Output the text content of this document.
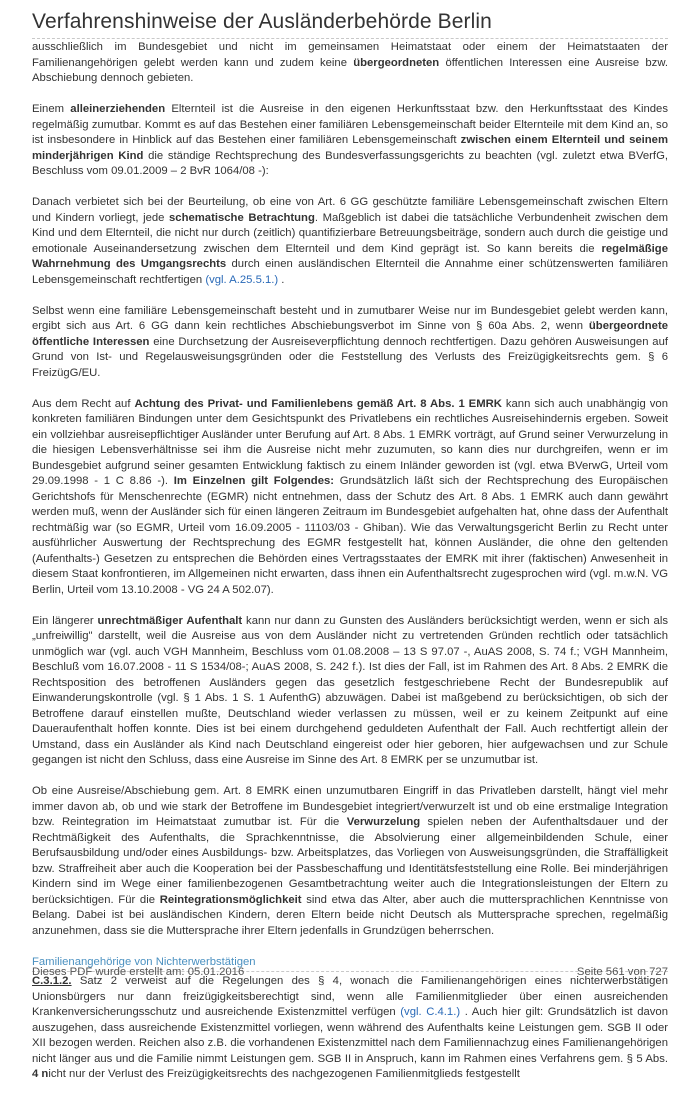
Verfahrenshinweise der Ausländerbehörde Berlin

ausschließlich im Bundesgebiet und nicht im gemeinsamen Heimatstaat oder einem der Heimatstaaten der Familienangehörigen gelebt werden kann und zudem keine übergeordneten öffentlichen Interessen eine Ausreise bzw. Abschiebung dennoch gebieten.

Einem alleinerziehenden Elternteil ist die Ausreise in den eigenen Herkunftsstaat bzw. den Herkunftsstaat des Kindes regelmäßig zumutbar. Kommt es auf das Bestehen einer familiären Lebensgemeinschaft beider Elternteile mit dem Kind an, so ist insbesondere in Hinblick auf das Bestehen einer familiären Lebensgemeinschaft zwischen einem Elternteil und seinem minderjährigen Kind die ständige Rechtsprechung des Bundesverfassungsgerichts zu beachten (vgl. zuletzt etwa BVerfG, Beschluss vom 09.01.2009 – 2 BvR 1064/08 -):

Danach verbietet sich bei der Beurteilung, ob eine von Art. 6 GG geschützte familiäre Lebensgemeinschaft zwischen Eltern und Kindern vorliegt, jede schematische Betrachtung. Maßgeblich ist dabei die tatsächliche Verbundenheit zwischen dem Kind und dem Elternteil, die nicht nur durch (zeitlich) quantifizierbare Betreuungsbeiträge, sondern auch durch die geistige und emotionale Auseinandersetzung zwischen dem Elternteil und dem Kind geprägt ist. So kann bereits die regelmäßige Wahrnehmung des Umgangsrechts durch einen ausländischen Elternteil die Annahme einer schützenswerten familiären Lebensgemeinschaft rechtfertigen (vgl. A.25.5.1.) .

Selbst wenn eine familiäre Lebensgemeinschaft besteht und in zumutbarer Weise nur im Bundesgebiet gelebt werden kann, ergibt sich aus Art. 6 GG dann kein rechtliches Abschiebungsverbot im Sinne von § 60a Abs. 2, wenn übergeordnete öffentliche Interessen eine Durchsetzung der Ausreiseverpflichtung dennoch rechtfertigen. Dazu gehören Ausweisungen auf Grund von Ist- und Regelausweisungsgründen oder die Feststellung des Verlusts des Freizügigkeitsrechts gem. § 6 FreizügG/EU.

Aus dem Recht auf Achtung des Privat- und Familienlebens gemäß Art. 8 Abs. 1 EMRK kann sich auch unabhängig von konkreten familiären Bindungen unter dem Gesichtspunkt des Privatlebens ein rechtliches Ausreisehindernis ergeben. Soweit ein vollziehbar ausreisepflichtiger Ausländer unter Berufung auf Art. 8 Abs. 1 EMRK vorträgt, auf Grund seiner Verwurzelung in die hiesigen Lebensverhältnisse sei ihm die Ausreise nicht mehr zuzumuten, so kann dies nur durchgreifen, wenn er im Bundesgebiet aufgrund seiner gesamten Entwicklung faktisch zu einem Inländer geworden ist (vgl. etwa BVerwG, Urteil vom 29.09.1998 - 1 C 8.86 -). Im Einzelnen gilt Folgendes: Grundsätzlich läßt sich der Rechtsprechung des Europäischen Gerichtshofs für Menschenrechte (EGMR) nicht entnehmen, dass der Schutz des Art. 8 Abs. 1 EMRK auch dann gewährt werden muß, wenn der Ausländer sich für einen längeren Zeitraum im Bundesgebiet aufgehalten hat, ohne dass der Aufenthalt rechtmäßig war (so EGMR, Urteil vom 16.09.2005 - 11103/03 - Ghiban). Wie das Verwaltungsgericht Berlin zu Recht unter ausführlicher Auswertung der Rechtsprechung des EGMR festgestellt hat, können Ausländer, die ohne den geltenden (Aufenthalts-) Gesetzen zu entsprechen die Behörden eines Vertragsstaates der EMRK mit ihrer (faktischen) Anwesenheit in diesem Staat konfrontieren, im Allgemeinen nicht erwarten, dass ihnen ein Aufenthaltsrecht zugesprochen wird (vgl. m.w.N. VG Berlin, Urteil vom 13.10.2008 - VG 24 A 502.07).

Ein längerer unrechtmäßiger Aufenthalt kann nur dann zu Gunsten des Ausländers berücksichtigt werden, wenn er sich als „unfreiwillig" darstellt, weil die Ausreise aus von dem Ausländer nicht zu vertretenden Gründen rechtlich oder tatsächlich unmöglich war (vgl. auch VGH Mannheim, Beschluss vom 01.08.2008 – 13 S 97.07 -, AuAS 2008, S. 74 f.; VGH Mannheim, Beschluß vom 16.07.2008 - 11 S 1534/08-; AuAS 2008, S. 242 f.). Ist dies der Fall, ist im Rahmen des Art. 8 Abs. 2 EMRK die Rechtsposition des betroffenen Ausländers gegen das gesetzlich festgeschriebene Recht der Bundesrepublik auf Einwanderungskontrolle (vgl. § 1 Abs. 1 S. 1 AufenthG) abzuwägen. Dabei ist maßgebend zu berücksichtigen, ob sich der Betroffene darauf einstellen mußte, Deutschland wieder verlassen zu müssen, weil er zu keinem Zeitpunkt auf eine Daueraufenthalt hoffen konnte. Dies ist bei einem durchgehend geduldeten Aufenthalt der Fall. Auch rechtfertigt allein der Umstand, dass ein Ausländer als Kind nach Deutschland eingereist oder hier geboren, hier aufgewachsen und zur Schule gegangen ist nicht den Schluss, dass eine Ausreise im Sinne des Art. 8 EMRK per se unzumutbar ist.

Ob eine Ausreise/Abschiebung gem. Art. 8 EMRK einen unzumutbaren Eingriff in das Privatleben darstellt, hängt viel mehr immer davon ab, ob und wie stark der Betroffene im Bundesgebiet integriert/verwurzelt ist und ob eine erstmalige Integration bzw. Reintegration im Heimatstaat zumutbar ist. Für die Verwurzelung spielen neben der Aufenthaltsdauer und der Rechtmäßigkeit des Aufenthalts, die Sprachkenntnisse, die Absolvierung einer allgemeinbildenden Schule, einer Berufsausbildung und/oder eines Ausbildungs- bzw. Arbeitsplatzes, das Vorliegen von Ausweisungsgründen, die Straffälligkeit bzw. Straffreiheit aber auch die Kooperation bei der Passbeschaffung und Identitätsfeststellung eine Rolle. Bei minderjährigen Kindern sind im Wege einer familienbezogenen Gesamtbetrachtung weiter auch die Integrationsleistungen der Eltern zu berücksichtigen. Für die Reintegrationsmöglichkeit sind etwa das Alter, aber auch die muttersprachlichen Kenntnisse von Belang. Dabei ist bei ausländischen Kindern, deren Eltern beide nicht Deutsch als Muttersprache sprechen, regelmäßig anzunehmen, dass sie die Muttersprache ihrer Eltern jedenfalls in Grundzügen beherrschen.

Familienangehörige von Nichterwerbstätigen

C.3.1.2. Satz 2 verweist auf die Regelungen des § 4, wonach die Familienangehörigen eines nichterwerbstätigen Unionsbürgers nur dann freizügigkeitsberechtigt sind, wenn alle Familienmitglieder über einen ausreichenden Krankenversicherungsschutz und ausreichende Existenzmittel verfügen (vgl. C.4.1.) . Auch hier gilt: Grundsätzlich ist davon auszugehen, dass ausreichende Existenzmittel vorliegen, wenn während des Aufenthalts keine Leistungen gem. SGB II oder XII bezogen werden. Reichen also z.B. die vorhandenen Existenzmittel nach dem Familiennachzug eines Familienangehörigen nicht länger aus und die Familie nimmt Leistungen gem. SGB II in Anspruch, kann im Rahmen eines Verfahrens gem. § 5 Abs. 4 nicht nur der Verlust des Freizügigkeitsrechts des nachgezogenen Familienmitglieds festgestellt

Dieses PDF wurde erstellt am: 05.01.2016	Seite 561 von 727
